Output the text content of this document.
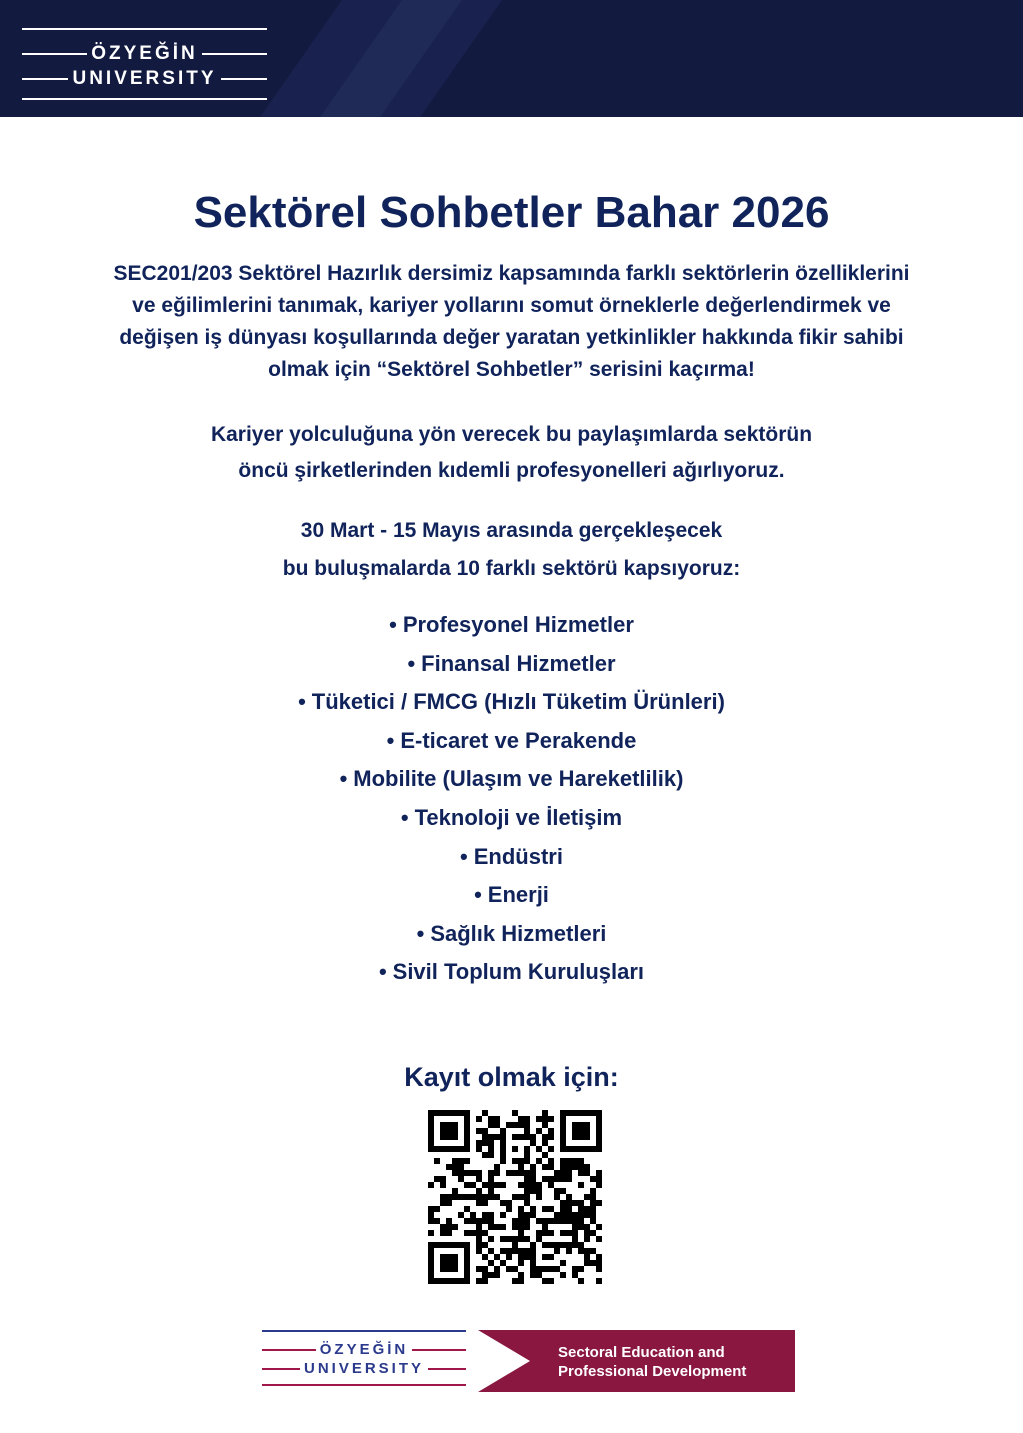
ÖZYEĞİN
UNIVERSITY
Sektörel Sohbetler Bahar 2026
SEC201/203 Sektörel Hazırlık dersimiz kapsamında farklı sektörlerin özelliklerini
ve eğilimlerini tanımak, kariyer yollarını somut örneklerle değerlendirmek ve
değişen iş dünyası koşullarında değer yaratan yetkinlikler hakkında fikir sahibi
olmak için “Sektörel Sohbetler” serisini kaçırma!
Kariyer yolculuğuna yön verecek bu paylaşımlarda sektörün
öncü şirketlerinden kıdemli profesyonelleri ağırlıyoruz.
30 Mart - 15 Mayıs arasında gerçekleşecek
bu buluşmalarda 10 farklı sektörü kapsıyoruz:
• Profesyonel Hizmetler
• Finansal Hizmetler
• Tüketici / FMCG (Hızlı Tüketim Ürünleri)
• E-ticaret ve Perakende
• Mobilite (Ulaşım ve Hareketlilik)
• Teknoloji ve İletişim
• Endüstri
• Enerji
• Sağlık Hizmetleri
• Sivil Toplum Kuruluşları
Kayıt olmak için:
ÖZYEĞİN
UNIVERSITY
Sectoral Education and
Professional Development
